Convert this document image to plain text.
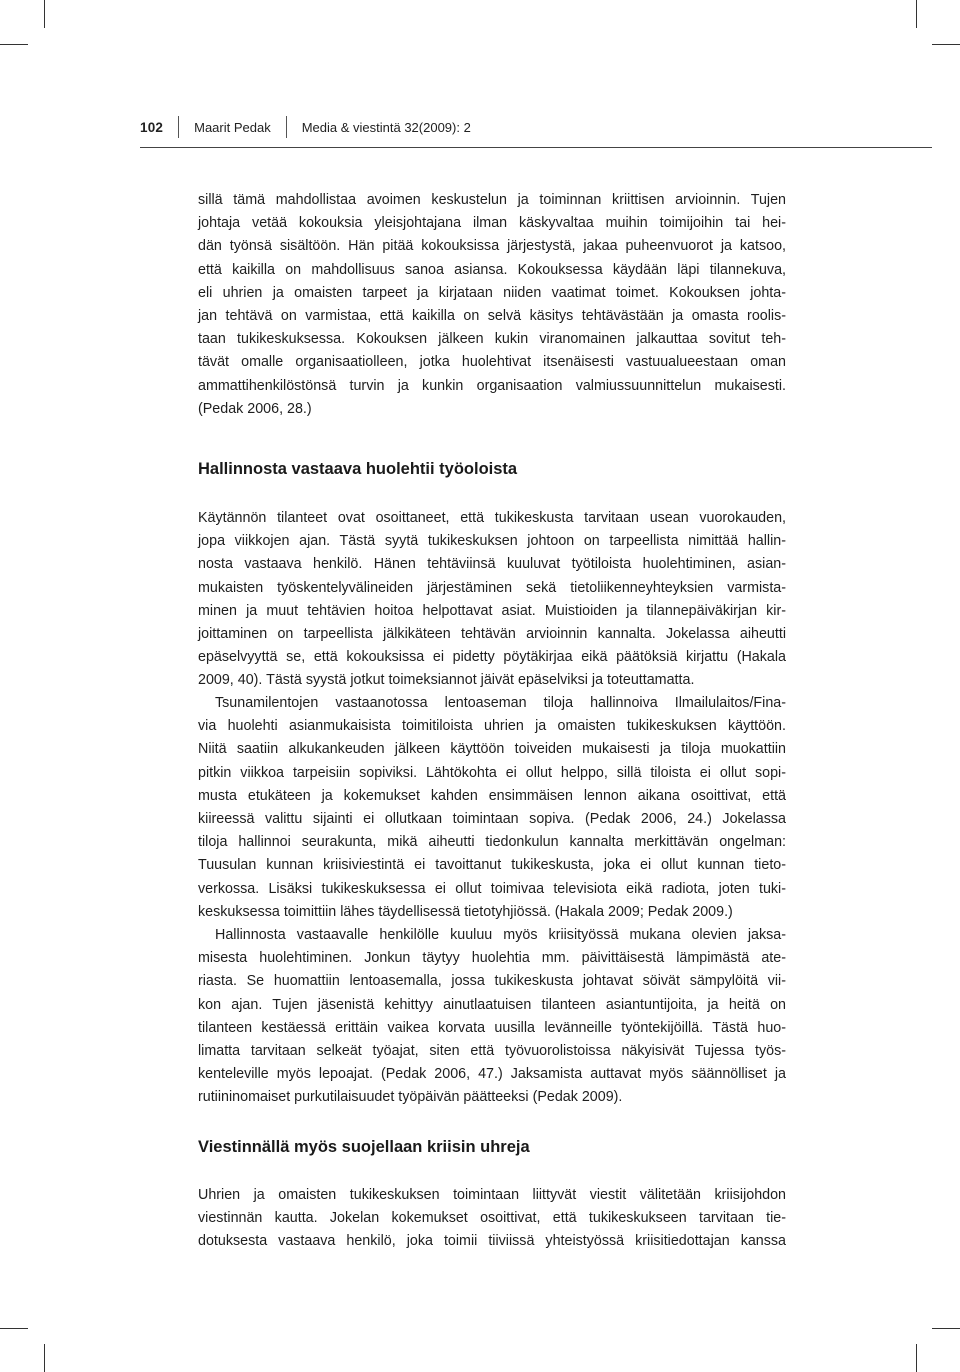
102 Maarit Pedak Media & viestintä 32(2009): 2
sillä tämä mahdollistaa avoimen keskustelun ja toiminnan kriittisen arvioinnin. Tujen
johtaja vetää kokouksia yleisjohtajana ilman käskyvaltaa muihin toimijoihin tai hei-
dän työnsä sisältöön. Hän pitää kokouksissa järjestystä, jakaa puheenvuorot ja katsoo,
että kaikilla on mahdollisuus sanoa asiansa. Kokouksessa käydään läpi tilannekuva,
eli uhrien ja omaisten tarpeet ja kirjataan niiden vaatimat toimet. Kokouksen johta-
jan tehtävä on varmistaa, että kaikilla on selvä käsitys tehtävästään ja omasta roolis-
taan tukikeskuksessa. Kokouksen jälkeen kukin viranomainen jalkauttaa sovitut teh-
tävät omalle organisaatiolleen, jotka huolehtivat itsenäisesti vastuualueestaan oman
ammattihenkilöstönsä turvin ja kunkin organisaation valmiussuunnittelun mukaisesti.
(Pedak 2006, 28.)
Hallinnosta vastaava huolehtii työoloista
Käytännön tilanteet ovat osoittaneet, että tukikeskusta tarvitaan usean vuorokauden,
jopa viikkojen ajan. Tästä syytä tukikeskuksen johtoon on tarpeellista nimittää hallin-
nosta vastaava henkilö. Hänen tehtäviinsä kuuluvat työtiloista huolehtiminen, asian-
mukaisten työskentelyvälineiden järjestäminen sekä tietoliikenneyhteyksien varmista-
minen ja muut tehtävien hoitoa helpottavat asiat. Muistioiden ja tilannepäiväkirjan kir-
joittaminen on tarpeellista jälkikäteen tehtävän arvioinnin kannalta. Jokelassa aiheutti
epäselvyyttä se, että kokouksissa ei pidetty pöytäkirjaa eikä päätöksiä kirjattu (Hakala
2009, 40). Tästä syystä jotkut toimeksiannot jäivät epäselviksi ja toteuttamatta.
Tsunamilentojen vastaanotossa lentoaseman tiloja hallinnoiva Ilmailulaitos/Fina-
via huolehti asianmukaisista toimitiloista uhrien ja omaisten tukikeskuksen käyttöön.
Niitä saatiin alkukankeuden jälkeen käyttöön toiveiden mukaisesti ja tiloja muokattiin
pitkin viikkoa tarpeisiin sopiviksi. Lähtökohta ei ollut helppo, sillä tiloista ei ollut sopi-
musta etukäteen ja kokemukset kahden ensimmäisen lennon aikana osoittivat, että
kiireessä valittu sijainti ei ollutkaan toimintaan sopiva. (Pedak 2006, 24.) Jokelassa
tiloja hallinnoi seurakunta, mikä aiheutti tiedonkulun kannalta merkittävän ongelman:
Tuusulan kunnan kriisiviestintä ei tavoittanut tukikeskusta, joka ei ollut kunnan tieto-
verkossa. Lisäksi tukikeskuksessa ei ollut toimivaa televisiota eikä radiota, joten tuki-
keskuksessa toimittiin lähes täydellisessä tietotyhjiössä. (Hakala 2009; Pedak 2009.)
Hallinnosta vastaavalle henkilölle kuuluu myös kriisityössä mukana olevien jaksa-
misesta huolehtiminen. Jonkun täytyy huolehtia mm. päivittäisestä lämpimästä ate-
riasta. Se huomattiin lentoasemalla, jossa tukikeskusta johtavat söivät sämpylöitä vii-
kon ajan. Tujen jäsenistä kehittyy ainutlaatuisen tilanteen asiantuntijoita, ja heitä on
tilanteen kestäessä erittäin vaikea korvata uusilla levänneille työntekijöillä. Tästä huo-
limatta tarvitaan selkeät työajat, siten että työvuorolistoissa näkyisivät Tujessa työs-
kenteleville myös lepoajat. (Pedak 2006, 47.) Jaksamista auttavat myös säännölliset ja
rutiininomaiset purkutilaisuudet työpäivän päätteeksi (Pedak 2009).
Viestinnällä myös suojellaan kriisin uhreja
Uhrien ja omaisten tukikeskuksen toimintaan liittyvät viestit välitetään kriisijohdon
viestinnän kautta. Jokelan kokemukset osoittivat, että tukikeskukseen tarvitaan tie-
dotuksesta vastaava henkilö, joka toimii tiiviissä yhteistyössä kriisitiedottajan kanssa
